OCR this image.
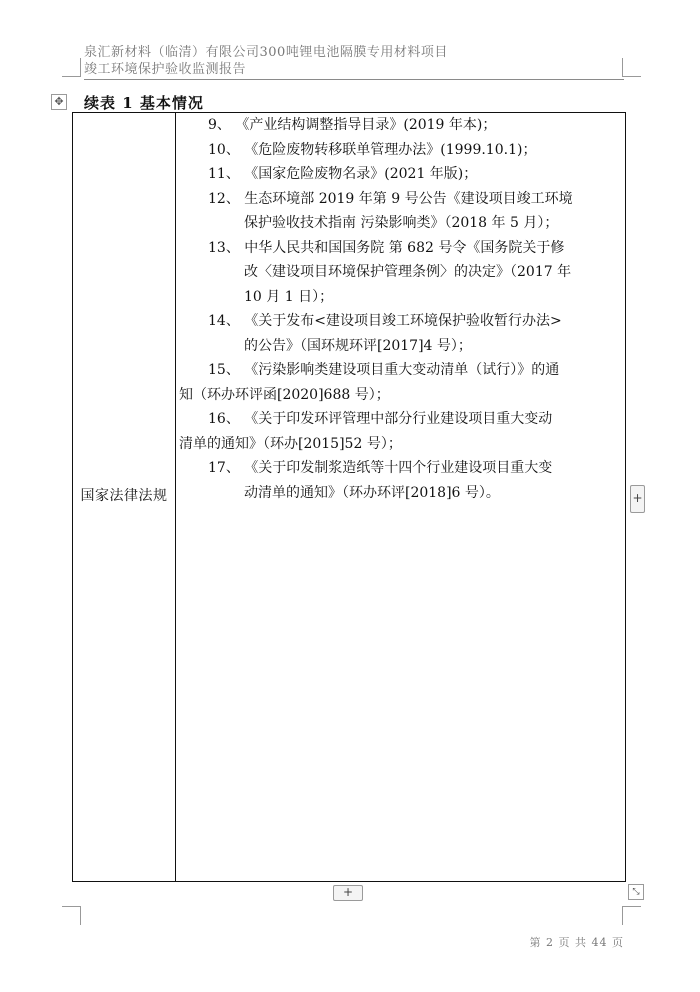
泉汇新材料（临清）有限公司300吨锂电池隔膜专用材料项目
竣工环境保护验收监测报告
✥ 续表 1 基本情况
国家法律法规
9、 《产业结构调整指导目录》(2019 年本)；
10、 《危险废物转移联单管理办法》(1999.10.1)；
11、 《国家危险废物名录》(2021 年版)；
12、 生态环境部 2019 年第 9 号公告《建设项目竣工环境
保护验收技术指南 污染影响类》（2018 年 5 月）；
13、 中华人民共和国国务院 第 682 号令《国务院关于修
改〈建设项目环境保护管理条例〉的决定》（2017 年
10 月 1 日）；
14、 《关于发布<建设项目竣工环境保护验收暂行办法>
的公告》（国环规环评[2017]4 号）；
15、 《污染影响类建设项目重大变动清单（试行）》的通
知（环办环评函[2020]688 号）；
16、 《关于印发环评管理中部分行业建设项目重大变动
清单的通知》（环办[2015]52 号）；
17、 《关于印发制浆造纸等十四个行业建设项目重大变
动清单的通知》（环办环评[2018]6 号）。	+
+	⤡
第 2 页 共 44 页
